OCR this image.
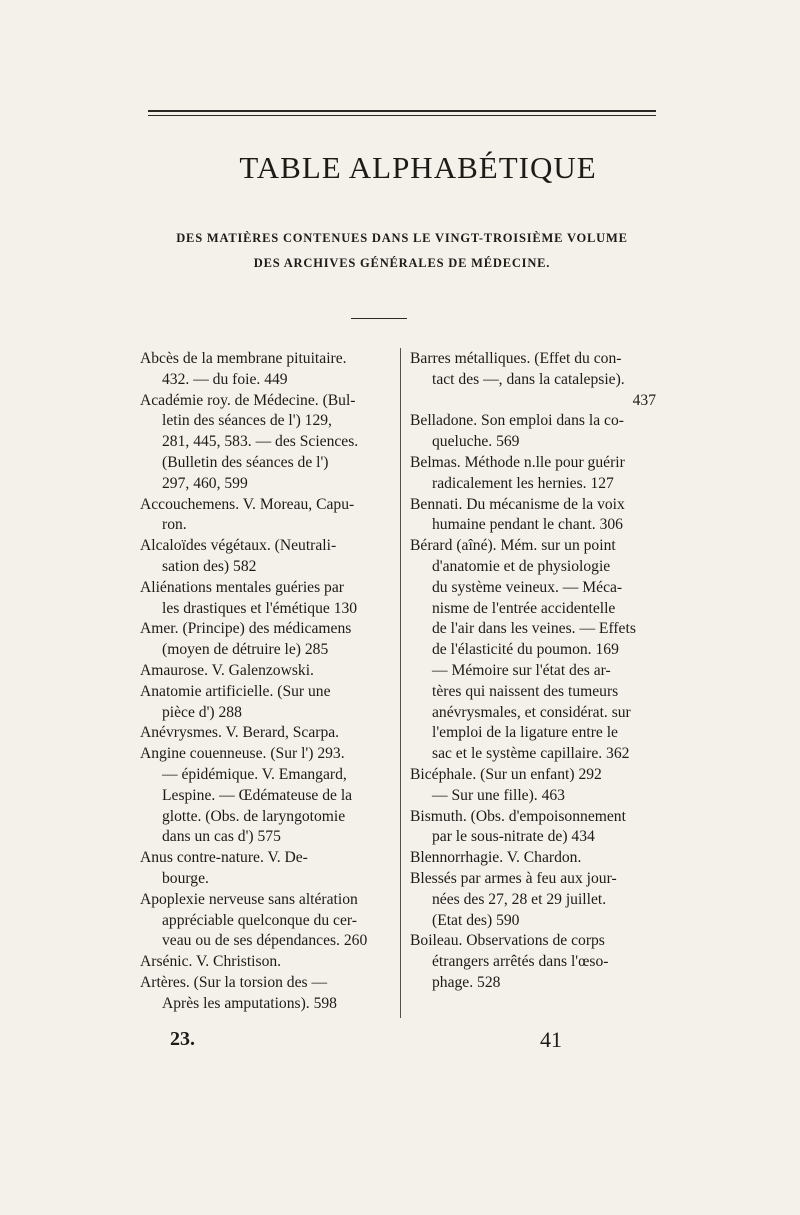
TABLE ALPHABÉTIQUE
DES MATIÈRES CONTENUES DANS LE VINGT-TROISIÈME VOLUME
DES ARCHIVES GÉNÉRALES DE MÉDECINE.
Abcès de la membrane pituitaire.
432. — du foie. 449
Académie roy. de Médecine. (Bul-
letin des séances de l') 129,
281, 445, 583. — des Sciences.
(Bulletin des séances de l')
297, 460, 599
Accouchemens. V. Moreau, Capu-
ron.
Alcaloïdes végétaux. (Neutrali-
sation des) 582
Aliénations mentales guéries par
les drastiques et l'émétique 130
Amer. (Principe) des médicamens
(moyen de détruire le) 285
Amaurose. V. Galenzowski.
Anatomie artificielle. (Sur une
pièce d') 288
Anévrysmes. V. Berard, Scarpa.
Angine couenneuse. (Sur l') 293.
— épidémique. V. Emangard,
Lespine. — Œdémateuse de la
glotte. (Obs. de laryngotomie
dans un cas d') 575
Anus contre-nature. V. De-
bourge.
Apoplexie nerveuse sans altération
appréciable quelconque du cer-
veau ou de ses dépendances. 260
Arsénic. V. Christison.
Artères. (Sur la torsion des —
Après les amputations). 598
Barres métalliques. (Effet du con-
tact des —, dans la catalepsie).
437
Belladone. Son emploi dans la co-
queluche. 569
Belmas. Méthode n.lle pour guérir
radicalement les hernies. 127
Bennati. Du mécanisme de la voix
humaine pendant le chant. 306
Bérard (aîné). Mém. sur un point
d'anatomie et de physiologie
du système veineux. — Méca-
nisme de l'entrée accidentelle
de l'air dans les veines. — Effets
de l'élasticité du poumon. 169
— Mémoire sur l'état des ar-
tères qui naissent des tumeurs
anévrysmales, et considérat. sur
l'emploi de la ligature entre le
sac et le système capillaire. 362
Bicéphale. (Sur un enfant) 292
— Sur une fille). 463
Bismuth. (Obs. d'empoisonnement
par le sous-nitrate de) 434
Blennorrhagie. V. Chardon.
Blessés par armes à feu aux jour-
nées des 27, 28 et 29 juillet.
(Etat des) 590
Boileau. Observations de corps
étrangers arrêtés dans l'œso-
phage. 528
23.	41
